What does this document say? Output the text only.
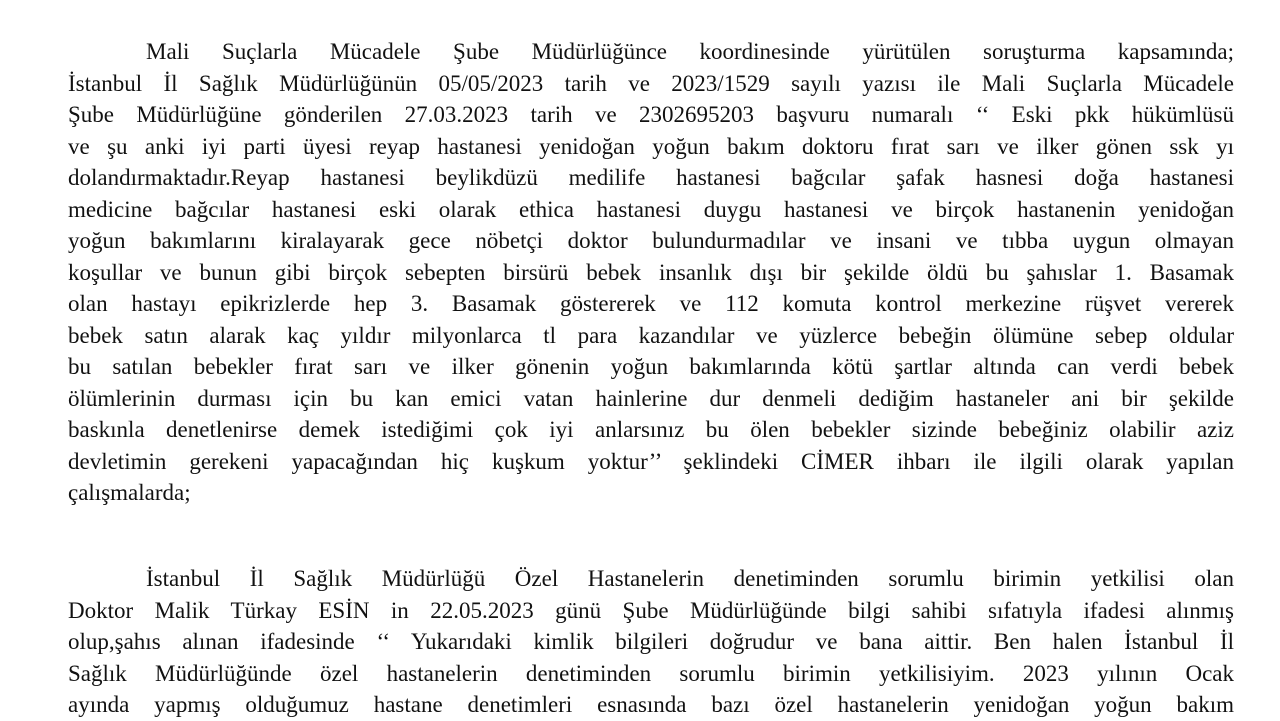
Mali Suçlarla Mücadele Şube Müdürlüğünce koordinesinde yürütülen soruşturma kapsamında;
İstanbul İl Sağlık Müdürlüğünün 05/05/2023 tarih ve 2023/1529 sayılı yazısı ile Mali Suçlarla Mücadele
Şube Müdürlüğüne gönderilen 27.03.2023 tarih ve 2302695203 başvuru numaralı ‘‘ Eski pkk hükümlüsü
ve şu anki iyi parti üyesi reyap hastanesi yenidoğan yoğun bakım doktoru fırat sarı ve ilker gönen ssk yı
dolandırmaktadır.Reyap hastanesi beylikdüzü medilife hastanesi bağcılar şafak hasnesi doğa hastanesi
medicine bağcılar hastanesi eski olarak ethica hastanesi duygu hastanesi ve birçok hastanenin yenidoğan
yoğun bakımlarını kiralayarak gece nöbetçi doktor bulundurmadılar ve insani ve tıbba uygun olmayan
koşullar ve bunun gibi birçok sebepten birsürü bebek insanlık dışı bir şekilde öldü bu şahıslar 1. Basamak
olan hastayı epikrizlerde hep 3. Basamak göstererek ve 112 komuta kontrol merkezine rüşvet vererek
bebek satın alarak kaç yıldır milyonlarca tl para kazandılar ve yüzlerce bebeğin ölümüne sebep oldular
bu satılan bebekler fırat sarı ve ilker gönenin yoğun bakımlarında kötü şartlar altında can verdi bebek
ölümlerinin durması için bu kan emici vatan hainlerine dur denmeli dediğim hastaneler ani bir şekilde
baskınla denetlenirse demek istediğimi çok iyi anlarsınız bu ölen bebekler sizinde bebeğiniz olabilir aziz
devletimin gerekeni yapacağından hiç kuşkum yoktur’’ şeklindeki CİMER ihbarı ile ilgili olarak yapılan
çalışmalarda;
İstanbul İl Sağlık Müdürlüğü Özel Hastanelerin denetiminden sorumlu birimin yetkilisi olan
Doktor Malik Türkay ESİN in 22.05.2023 günü Şube Müdürlüğünde bilgi sahibi sıfatıyla ifadesi alınmış
olup,şahıs alınan ifadesinde ‘‘ Yukarıdaki kimlik bilgileri doğrudur ve bana aittir. Ben halen İstanbul İl
Sağlık Müdürlüğünde özel hastanelerin denetiminden sorumlu birimin yetkilisiyim. 2023 yılının Ocak
ayında yapmış olduğumuz hastane denetimleri esnasında bazı özel hastanelerin yenidoğan yoğun bakım
